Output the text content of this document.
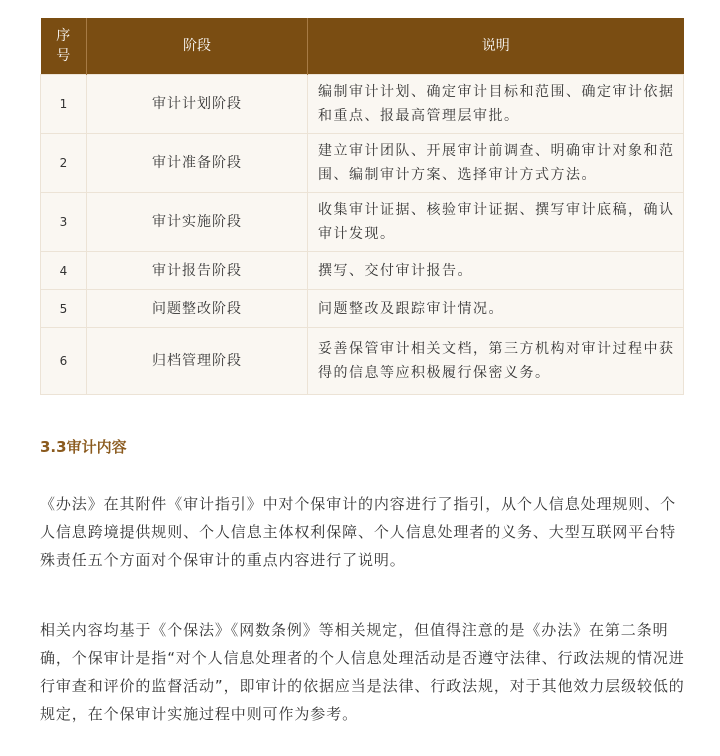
序号	阶段	说明
1	审计计划阶段	编制审计计划、确定审计目标和范围、确定审计依据和重点、报最高管理层审批。
2	审计准备阶段	建立审计团队、开展审计前调查、明确审计对象和范围、编制审计方案、选择审计方式方法。
3	审计实施阶段	收集审计证据、核验审计证据、撰写审计底稿，确认审计发现。
4	审计报告阶段	撰写、交付审计报告。
5	问题整改阶段	问题整改及跟踪审计情况。
6	归档管理阶段	妥善保管审计相关文档，第三方机构对审计过程中获得的信息等应积极履行保密义务。
3.3审计内容

《办法》在其附件《审计指引》中对个保审计的内容进行了指引，从个人信息处理规则、个人信息跨境提供规则、个人信息主体权利保障、个人信息处理者的义务、大型互联网平台特殊责任五个方面对个保审计的重点内容进行了说明。

相关内容均基于《个保法》《网数条例》等相关规定，但值得注意的是《办法》在第二条明确，个保审计是指“对个人信息处理者的个人信息处理活动是否遵守法律、行政法规的情况进行审查和评价的监督活动”，即审计的依据应当是法律、行政法规，对于其他效力层级较低的规定，在个保审计实施过程中则可作为参考。
